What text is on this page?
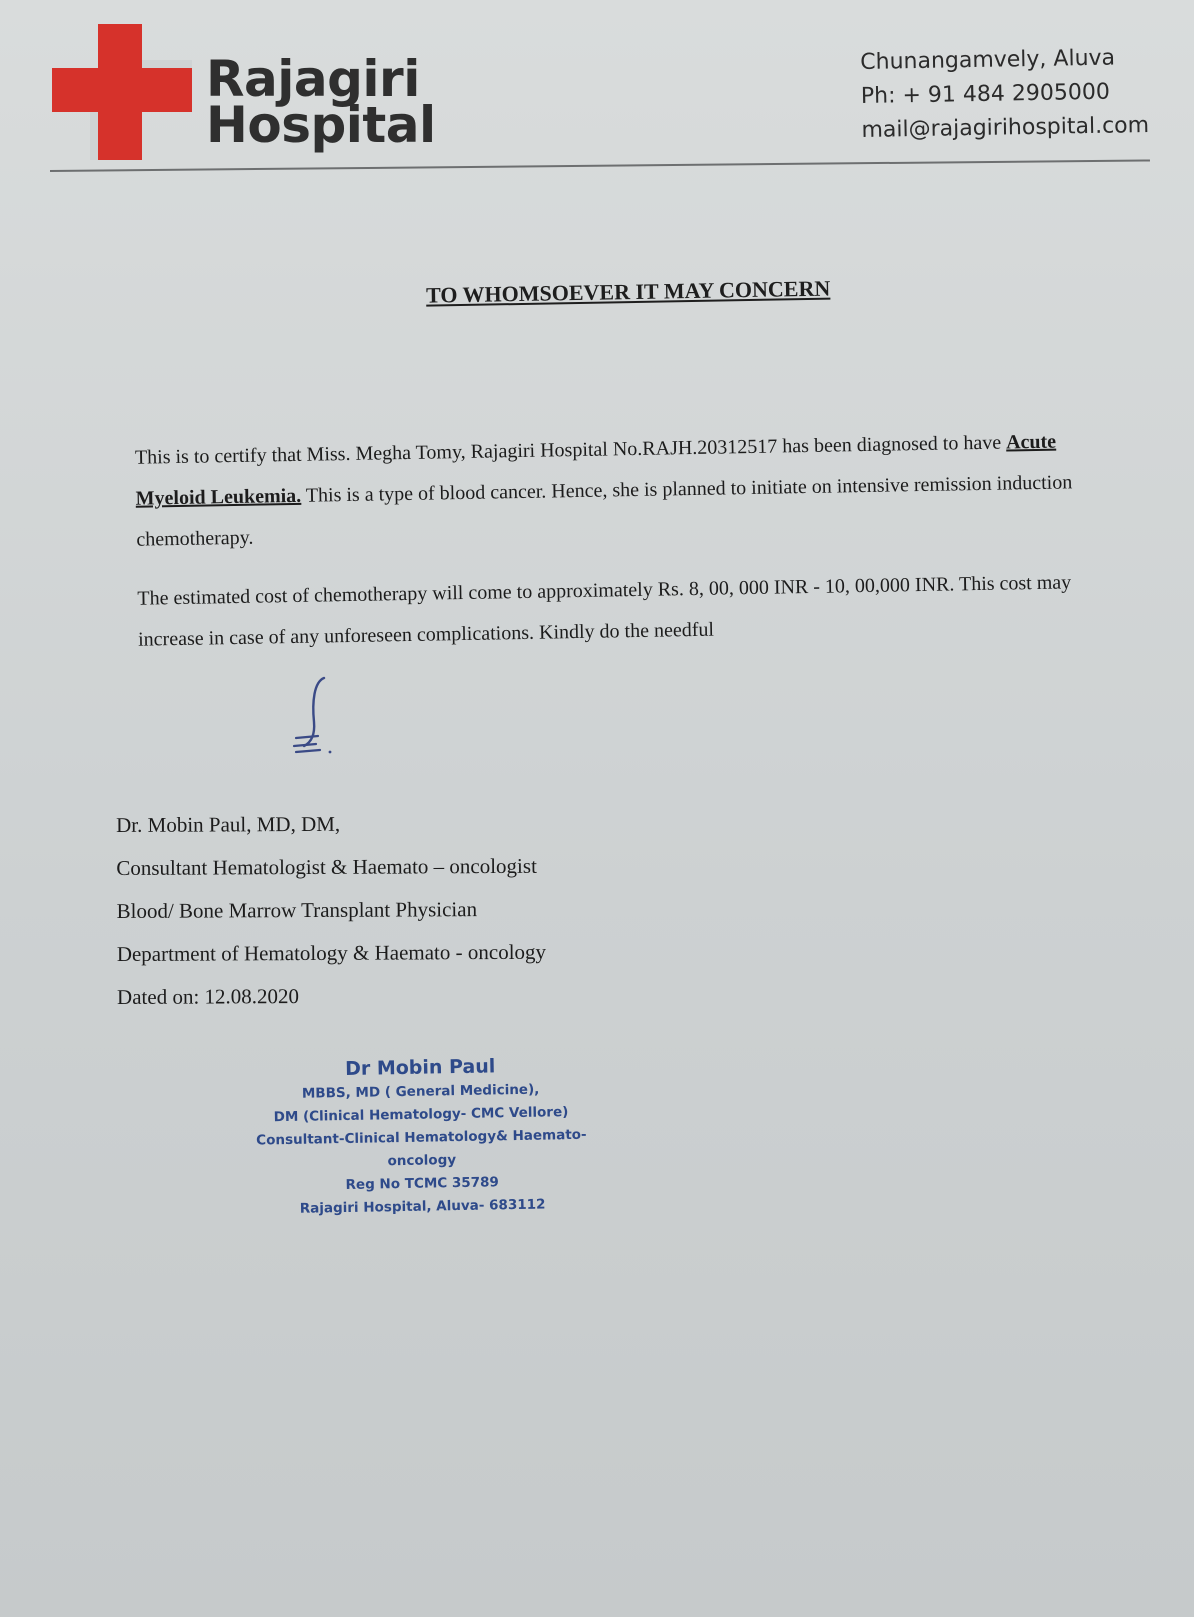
Rajagiri
Hospital
Chunangamvely, Aluva
Ph: + 91 484 2905000
mail@rajagirihospital.com

TO WHOMSOEVER IT MAY CONCERN

This is to certify that Miss. Megha Tomy, Rajagiri Hospital No.RAJH.20312517 has been diagnosed to have Acute Myeloid Leukemia. This is a type of blood cancer. Hence, she is planned to initiate on intensive remission induction chemotherapy.

The estimated cost of chemotherapy will come to approximately Rs. 8, 00, 000 INR - 10, 00,000 INR. This cost may increase in case of any unforeseen complications. Kindly do the needful

Dr. Mobin Paul, MD, DM,
Consultant Hematologist & Haemato – oncologist
Blood/ Bone Marrow Transplant Physician
Department of Hematology & Haemato - oncology
Dated on: 12.08.2020
Dr Mobin Paul
MBBS, MD ( General Medicine),
DM (Clinical Hematology- CMC Vellore)
Consultant-Clinical Hematology& Haemato-oncology
Reg No TCMC 35789
Rajagiri Hospital, Aluva- 683112
